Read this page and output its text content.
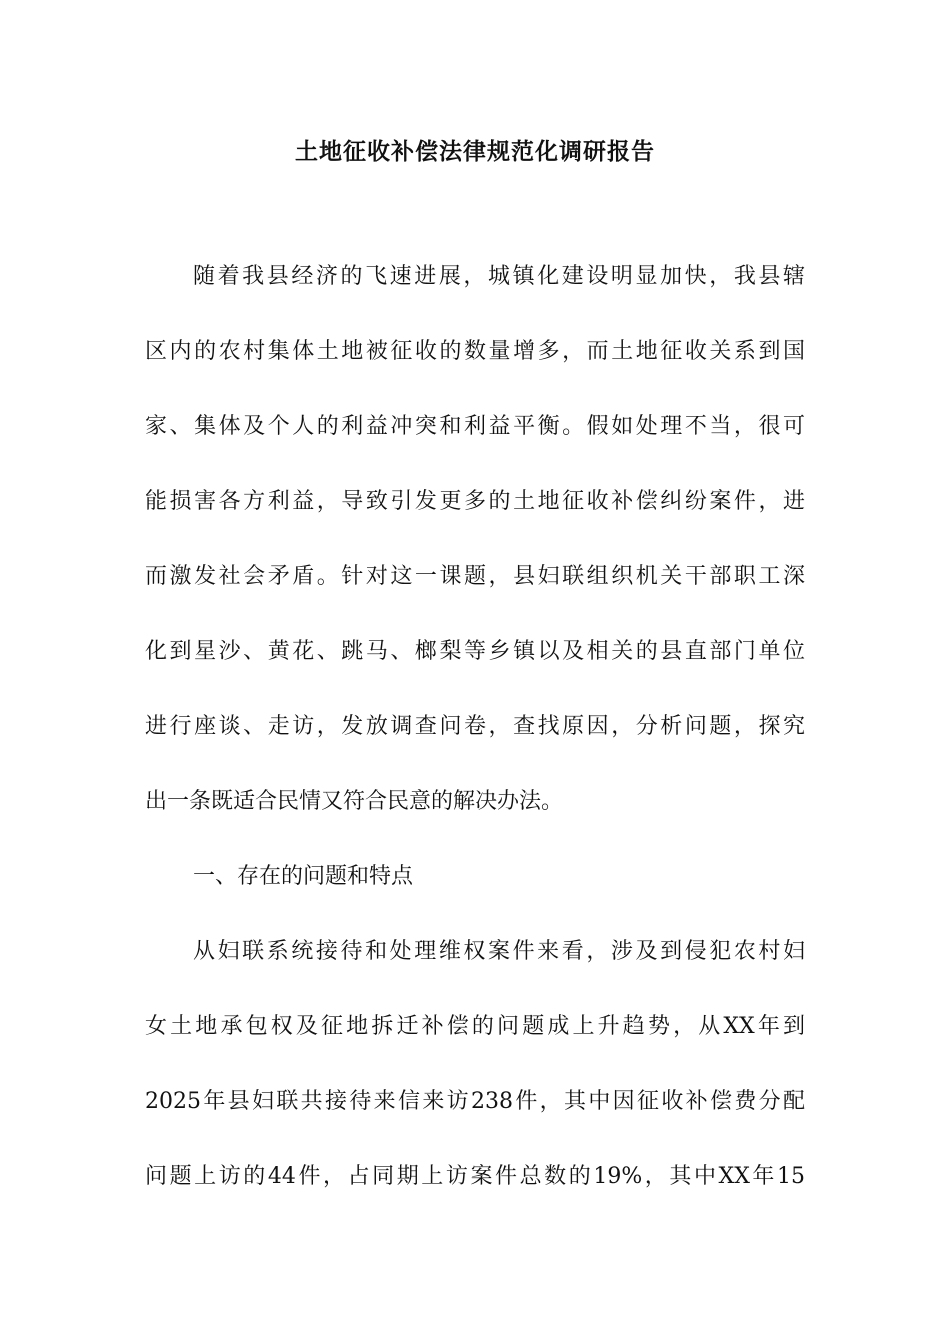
土地征收补偿法律规范化调研报告
随着我县经济的飞速进展，城镇化建设明显加快，我县辖
区内的农村集体土地被征收的数量增多，而土地征收关系到国
家、集体及个人的利益冲突和利益平衡。假如处理不当，很可
能损害各方利益，导致引发更多的土地征收补偿纠纷案件，进
而激发社会矛盾。针对这一课题，县妇联组织机关干部职工深
化到星沙、黄花、跳马、榔梨等乡镇以及相关的县直部门单位
进行座谈、走访，发放调查问卷，查找原因，分析问题，探究
出一条既适合民情又符合民意的解决办法。
一、存在的问题和特点
从妇联系统接待和处理维权案件来看，涉及到侵犯农村妇
女土地承包权及征地拆迁补偿的问题成上升趋势，从XX年到
2025年县妇联共接待来信来访238件，其中因征收补偿费分配
问题上访的44件，占同期上访案件总数的19%，其中XX年15
